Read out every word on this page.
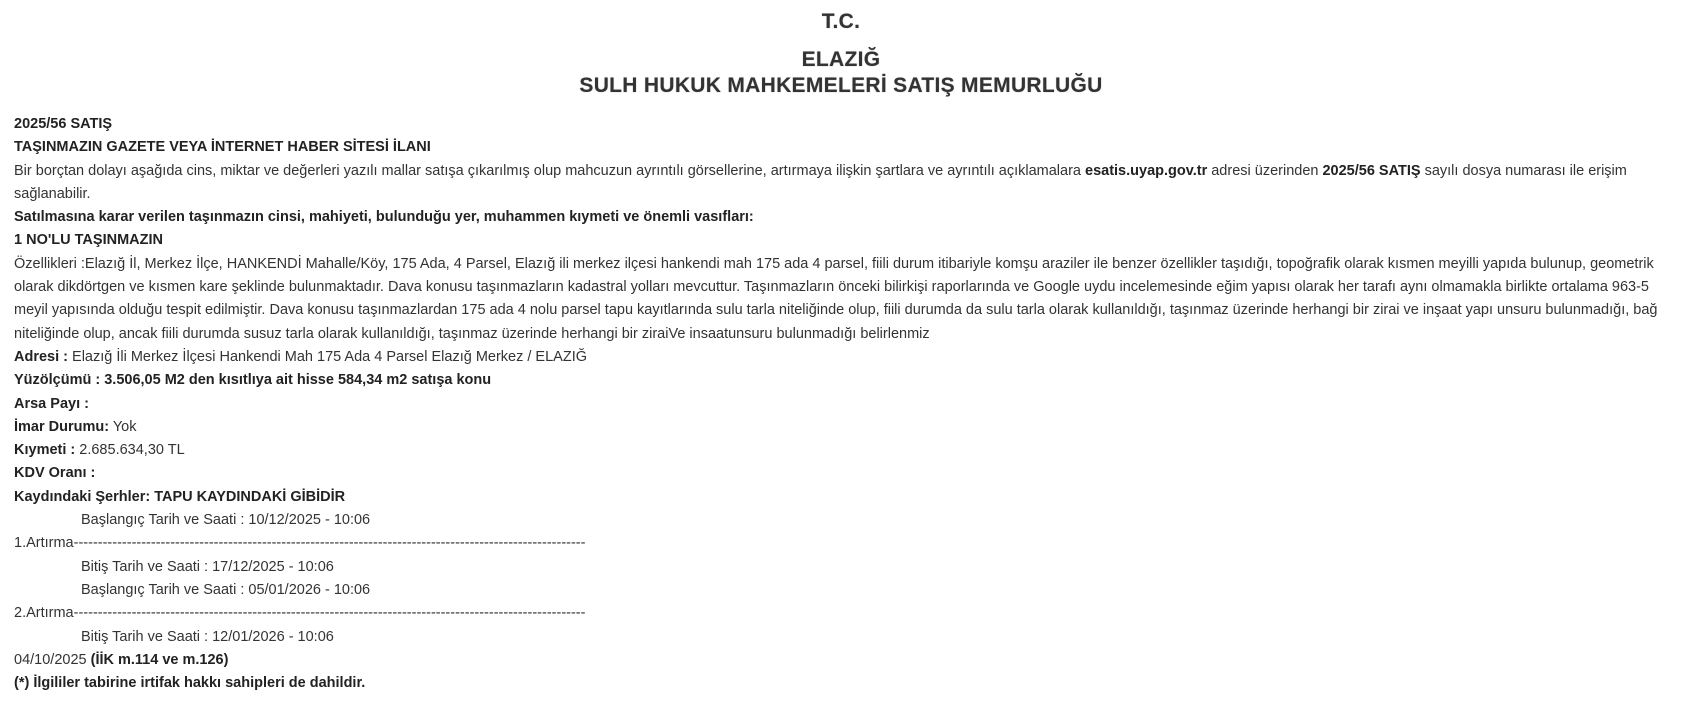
T.C.
ELAZIĞ
SULH HUKUK MAHKEMELERİ SATIŞ MEMURLUĞU
2025/56 SATIŞ
TAŞINMAZIN GAZETE VEYA İNTERNET HABER SİTESİ İLANI
Bir borçtan dolayı aşağıda cins, miktar ve değerleri yazılı mallar satışa çıkarılmış olup mahcuzun ayrıntılı görsellerine, artırmaya ilişkin şartlara ve ayrıntılı açıklamalara esatis.uyap.gov.tr adresi üzerinden 2025/56 SATIŞ sayılı dosya numarası ile erişim sağlanabilir.
Satılmasına karar verilen taşınmazın cinsi, mahiyeti, bulunduğu yer, muhammen kıymeti ve önemli vasıfları:
1 NO'LU TAŞINMAZIN
Özellikleri :Elazığ İl, Merkez İlçe, HANKENDİ Mahalle/Köy, 175 Ada, 4 Parsel, Elazığ ili merkez ilçesi hankendi mah 175 ada 4 parsel, fiili durum itibariyle komşu araziler ile benzer özellikler taşıdığı, topoğrafik olarak kısmen meyilli yapıda bulunup, geometrik olarak dikdörtgen ve kısmen kare şeklinde bulunmaktadır. Dava konusu taşınmazların kadastral yolları mevcuttur. Taşınmazların önceki bilirkişi raporlarında ve Google uydu incelemesinde eğim yapısı olarak her tarafı aynı olmamakla birlikte ortalama 963-5 meyil yapısında olduğu tespit edilmiştir. Dava konusu taşınmazlardan 175 ada 4 nolu parsel tapu kayıtlarında sulu tarla niteliğinde olup, fiili durumda da sulu tarla olarak kullanıldığı, taşınmaz üzerinde herhangi bir zirai ve inşaat yapı unsuru bulunmadığı, bağ niteliğinde olup, ancak fiili durumda susuz tarla olarak kullanıldığı, taşınmaz üzerinde herhangi bir ziraiVe insaatunsuru bulunmadığı belirlenmiz
Adresi : Elazığ İli Merkez İlçesi Hankendi Mah 175 Ada 4 Parsel Elazığ Merkez / ELAZIĞ
Yüzölçümü : 3.506,05 M2 den kısıtlıya ait hisse 584,34 m2 satışa konu
Arsa Payı :
İmar Durumu: Yok
Kıymeti : 2.685.634,30 TL
KDV Oranı :
Kaydındaki Şerhler: TAPU KAYDINDAKİ GİBİDİR
Başlangıç Tarih ve Saati : 10/12/2025 - 10:06
1.Artırma----------------------------------------------------------------------------------------------------------
Bitiş Tarih ve Saati : 17/12/2025 - 10:06
Başlangıç Tarih ve Saati : 05/01/2026 - 10:06
2.Artırma----------------------------------------------------------------------------------------------------------
Bitiş Tarih ve Saati : 12/01/2026 - 10:06
04/10/2025 (İİK m.114 ve m.126)
(*) İlgililer tabirine irtifak hakkı sahipleri de dahildir.
